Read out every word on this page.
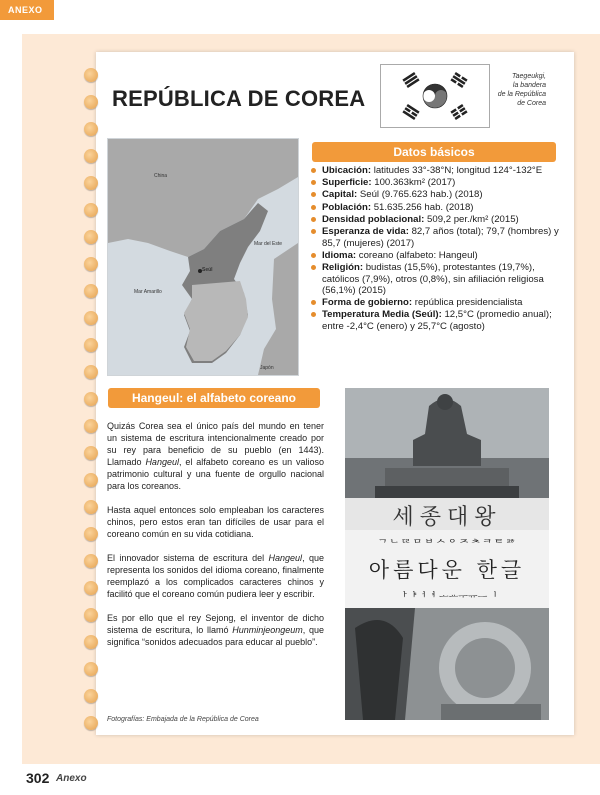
ANEXO
REPÚBLICA DE COREA
Taegeukgi,
la bandera
de la República
de Corea
China
Mar del Este
Seúl
Mar Amarillo
Japón
Datos básicos
Ubicación: latitudes 33°-38°N; longitud 124°-132°E
Superficie: 100.363km² (2017)
Capital: Seúl (9.765.623 hab.) (2018)
Población: 51.635.256 hab. (2018)
Densidad poblacional: 509,2 per./km² (2015)
Esperanza de vida: 82,7 años (total); 79,7 (hombres) y 85,7 (mujeres) (2017)
Idioma: coreano (alfabeto: Hangeul)
Religión: budistas (15,5%), protestantes (19,7%), católicos (7,9%), otros (0,8%), sin afiliación religiosa (56,1%) (2015)
Forma de gobierno: república presidencialista
Temperatura Media (Seúl): 12,5°C (promedio anual); entre -2,4°C (enero) y 25,7°C (agosto)
Hangeul: el alfabeto coreano

Quizás Corea sea el único país del mundo en tener un sistema de escritura intencionalmente creado por su rey para beneficio de su pueblo (en 1443). Llamado Hangeul, el alfabeto coreano es un valioso patrimonio cultural y una fuente de orgullo nacional para los coreanos.

Hasta aquel entonces solo empleaban los caracteres chinos, pero estos eran tan difíciles de usar para el coreano común en su vida cotidiana.

El innovador sistema de escritura del Hangeul, que representa los sonidos del idioma coreano, finalmente reemplazó a los complicados caracteres chinos y facilitó que el coreano común pudiera leer y escribir.

Es por ello que el rey Sejong, el inventor de dicho sistema de escritura, lo llamó Hunminjeongeum, que significa “sonidos adecuados para educar al pueblo”.

Fotografías: Embajada de la República de Corea
세종대왕
ᄀᄂᄃᄅᄆᄇᄉᄋᄌᄎᄏᄐᄑᄒ
아름다운 한글
ᅡᅣᅥᅧ ᅩᅭᅮᅲᅳᅵ
302 Anexo
